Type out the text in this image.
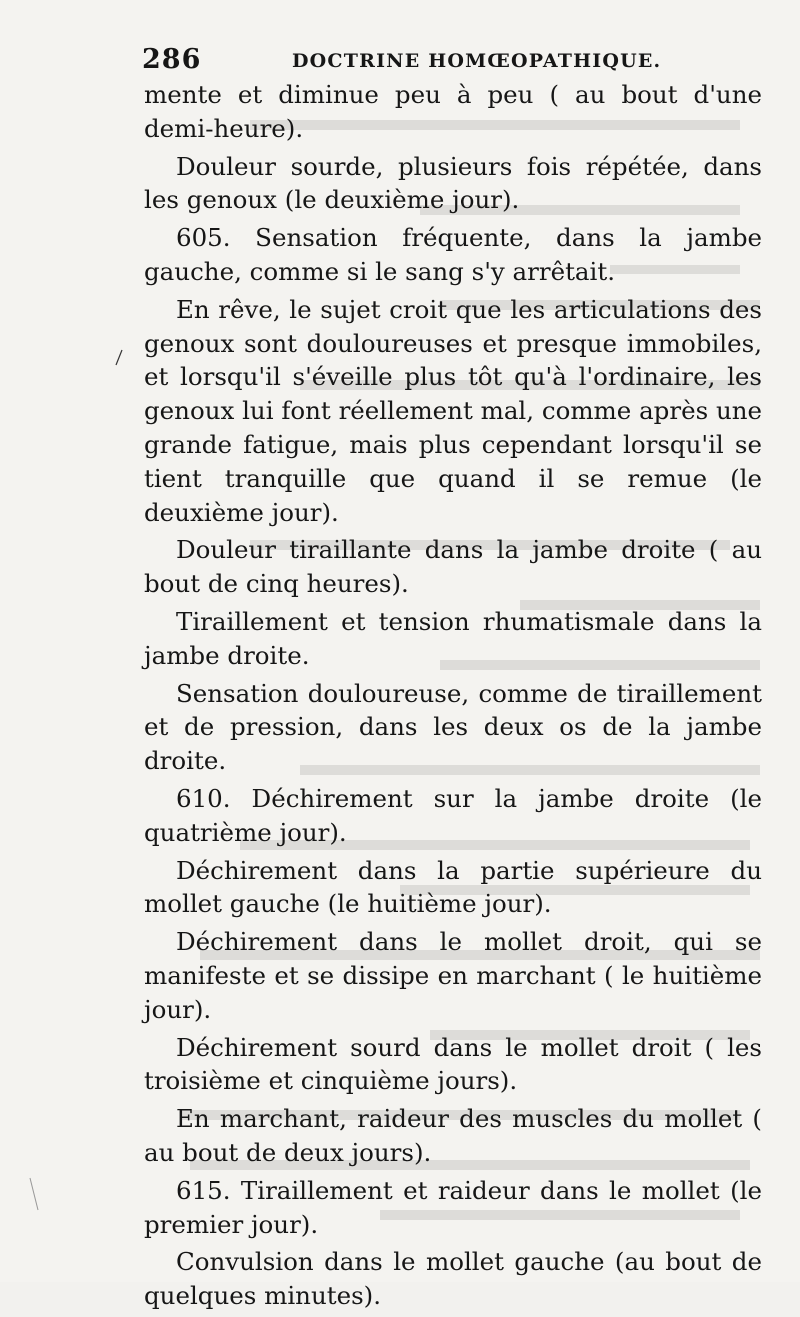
286	DOCTRINE HOMŒOPATHIQUE.

mente et diminue peu à peu ( au bout d'une demi-heure).

Douleur sourde, plusieurs fois répétée, dans les genoux (le deuxième jour).

605. Sensation fréquente, dans la jambe gauche, comme si le sang s'y arrêtait.

En rêve, le sujet croit que les articulations des genoux sont douloureuses et presque immobiles, et lorsqu'il s'éveille plus tôt qu'à l'ordinaire, les genoux lui font réellement mal, comme après une grande fatigue, mais plus cependant lorsqu'il se tient tranquille que quand il se remue (le deuxième jour).

Douleur tiraillante dans la jambe droite ( au bout de cinq heures).

Tiraillement et tension rhumatismale dans la jambe droite.

Sensation douloureuse, comme de tiraillement et de pression, dans les deux os de la jambe droite.

610. Déchirement sur la jambe droite (le quatrième jour).

Déchirement dans la partie supérieure du mollet gauche (le huitième jour).

Déchirement dans le mollet droit, qui se manifeste et se dissipe en marchant ( le huitième jour).

Déchirement sourd dans le mollet droit ( les troisième et cinquième jours).

En marchant, raideur des muscles du mollet ( au bout de deux jours).

615. Tiraillement et raideur dans le mollet (le premier jour).

Convulsion dans le mollet gauche (au bout de quelques minutes).
